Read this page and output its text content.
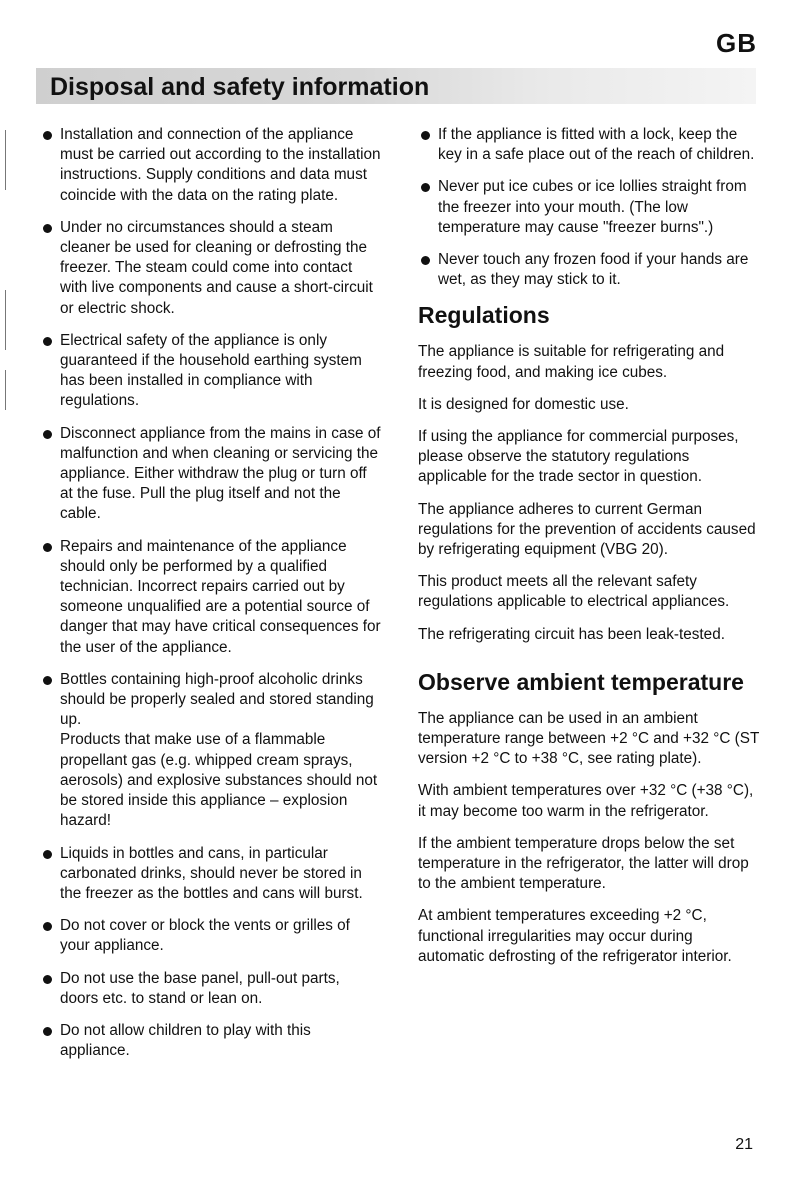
GB
Disposal and safety information
Installation and connection of the appliance must be carried out according to the installation instructions. Supply conditions and data must coincide with the data on the rating plate.
Under no circumstances should a steam cleaner be used for cleaning or defrosting the freezer. The steam could come into contact with live components and cause a short-circuit or electric shock.
Electrical safety of the appliance is only guaranteed if the household earthing system has been installed in compliance with regulations.
Disconnect appliance from the mains in case of malfunction and when cleaning or servicing the appliance. Either withdraw the plug or turn off at the fuse. Pull the plug itself and not the cable.
Repairs and maintenance of the appliance should only be performed by a qualified technician. Incorrect repairs carried out by someone unqualified are a potential source of danger that may have critical consequences for the user of the appliance.
Bottles containing high-proof alcoholic drinks should be properly sealed and stored standing up.
Products that make use of a flammable propellant gas (e.g. whipped cream sprays, aerosols) and explosive substances should not be stored inside this appliance – explosion hazard!
Liquids in bottles and cans, in particular carbonated drinks, should never be stored in the freezer as the bottles and cans will burst.
Do not cover or block the vents or grilles of your appliance.
Do not use the base panel, pull-out parts, doors etc. to stand or lean on.
Do not allow children to play with this appliance.
If the appliance is fitted with a lock, keep the key in a safe place out of the reach of children.
Never put ice cubes or ice lollies straight from the freezer into your mouth. (The low temperature may cause "freezer burns".)
Never touch any frozen food if your hands are wet, as they may stick to it.
Regulations

The appliance is suitable for refrigerating and freezing food, and making ice cubes.

It is designed for domestic use.

If using the appliance for commercial purposes, please observe the statutory regulations applicable for the trade sector in question.

The appliance adheres to current German regulations for the prevention of accidents caused by refrigerating equipment (VBG 20).

This product meets all the relevant safety regulations applicable to electrical appliances.

The refrigerating circuit has been leak-tested.

Observe ambient temperature

The appliance can be used in an ambient temperature range between +2 °C and +32 °C (ST version +2 °C to +38 °C, see rating plate).

With ambient temperatures over +32 °C (+38 °C), it may become too warm in the refrigerator.

If the ambient temperature drops below the set temperature in the refrigerator, the latter will drop to the ambient temperature.

At ambient temperatures exceeding +2 °C, functional irregularities may occur during automatic defrosting of the refrigerator interior.

21
